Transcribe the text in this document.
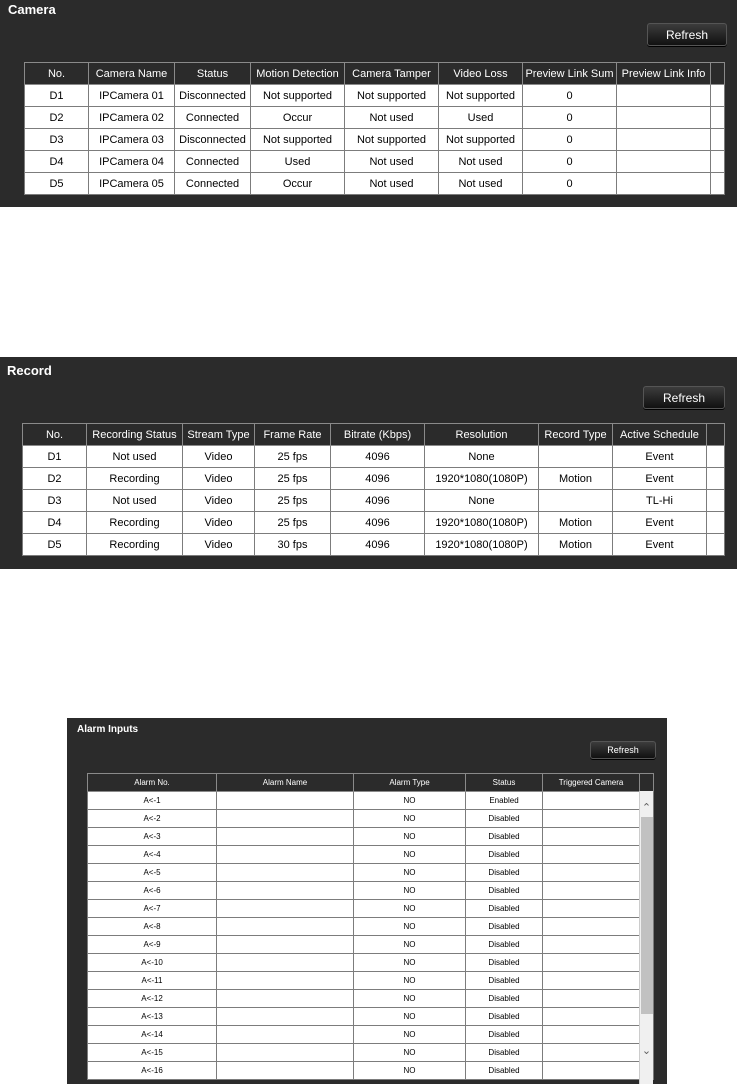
Camera
Refresh
No.	Camera Name	Status	Motion Detection	Camera Tamper	Video Loss	Preview Link Sum	Preview Link Info	
D1	IPCamera 01	Disconnected	Not supported	Not supported	Not supported	0		
D2	IPCamera 02	Connected	Occur	Not used	Used	0		
D3	IPCamera 03	Disconnected	Not supported	Not supported	Not supported	0		
D4	IPCamera 04	Connected	Used	Not used	Not used	0		
D5	IPCamera 05	Connected	Occur	Not used	Not used	0		
Record
Refresh
No.	Recording Status	Stream Type	Frame Rate	Bitrate (Kbps)	Resolution	Record Type	Active Schedule	
D1	Not used	Video	25 fps	4096	None		Event	
D2	Recording	Video	25 fps	4096	1920*1080(1080P)	Motion	Event	
D3	Not used	Video	25 fps	4096	None		TL-Hi	
D4	Recording	Video	25 fps	4096	1920*1080(1080P)	Motion	Event	
D5	Recording	Video	30 fps	4096	1920*1080(1080P)	Motion	Event	
Alarm Inputs
Refresh
Alarm No.	Alarm Name	Alarm Type	Status	Triggered Camera	
A<-1		NO	Enabled		
A<-2		NO	Disabled		
A<-3		NO	Disabled		
A<-4		NO	Disabled		
A<-5		NO	Disabled		
A<-6		NO	Disabled		
A<-7		NO	Disabled		
A<-8		NO	Disabled		
A<-9		NO	Disabled		
A<-10		NO	Disabled		
A<-11		NO	Disabled		
A<-12		NO	Disabled		
A<-13		NO	Disabled		
A<-14		NO	Disabled		
A<-15		NO	Disabled		
A<-16		NO	Disabled		
⌃
⌄
